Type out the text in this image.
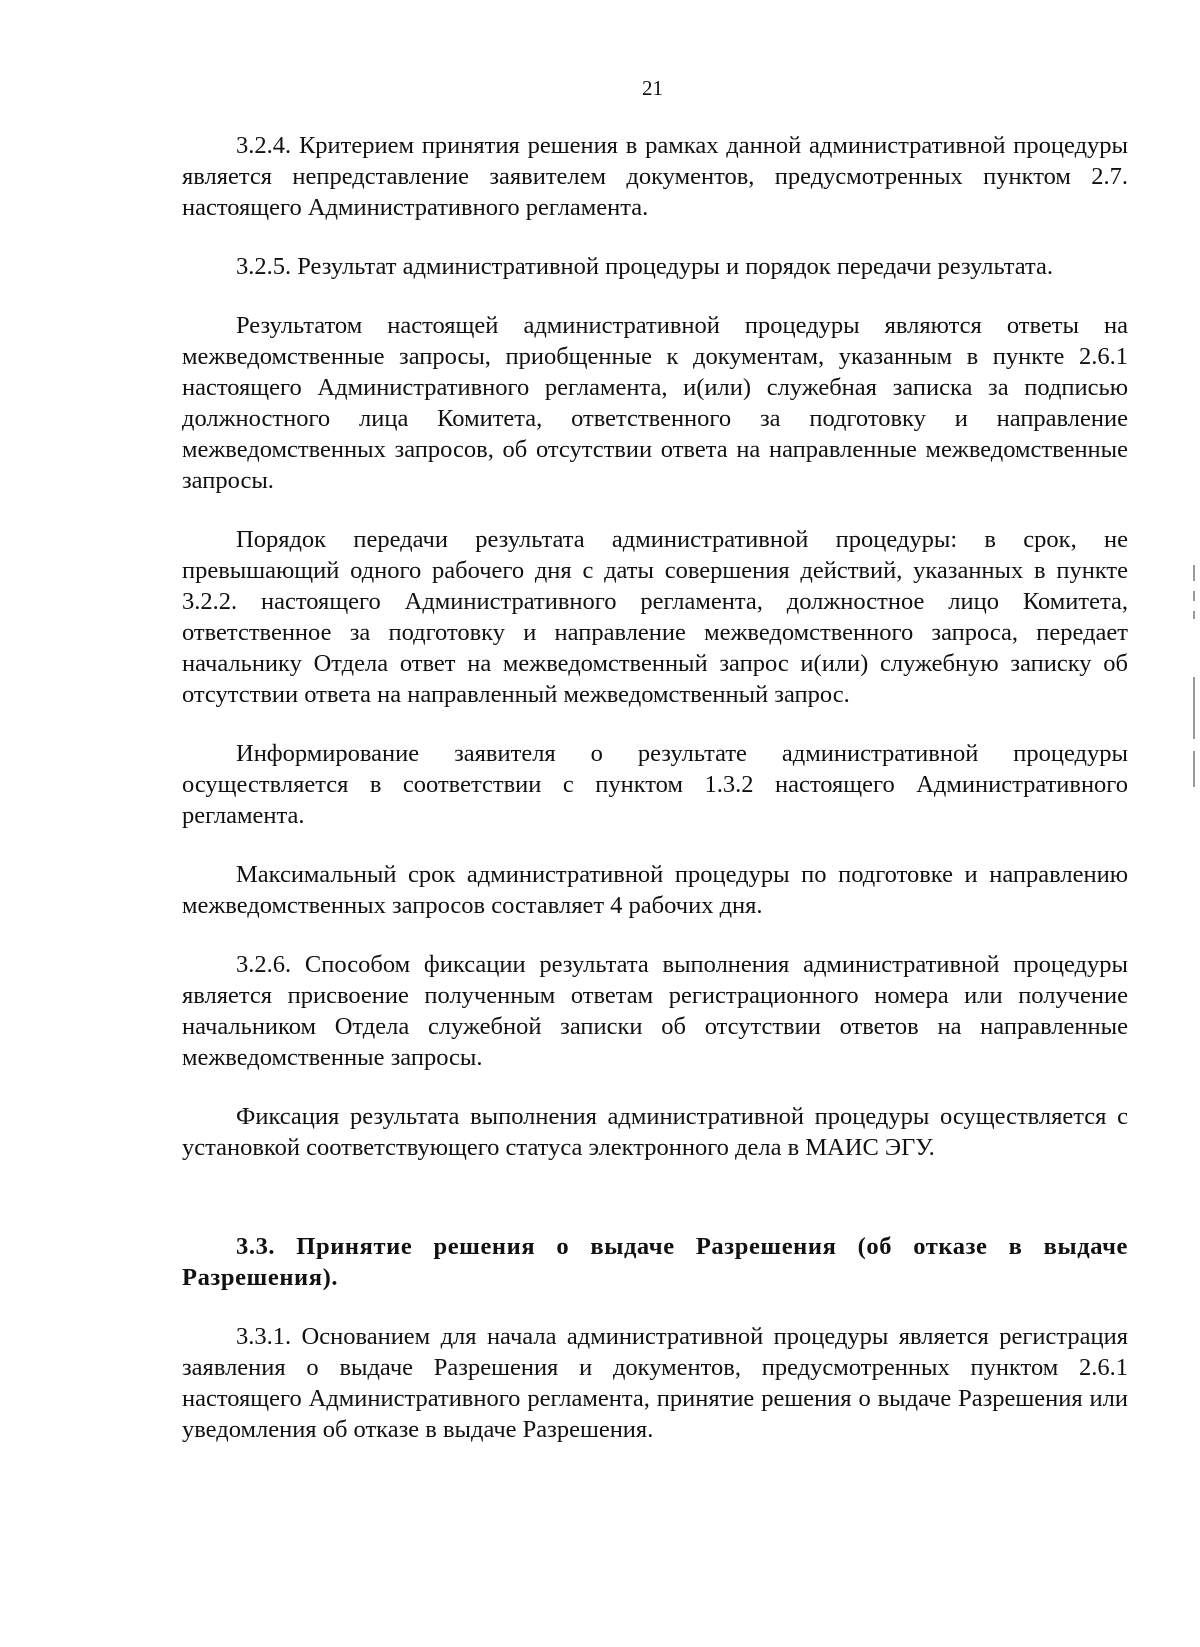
21

3.2.4. Критерием принятия решения в рамках данной административной процедуры является непредставление заявителем документов, предусмотренных пунктом 2.7. настоящего Административного регламента.

3.2.5. Результат административной процедуры и порядок передачи результата.

Результатом настоящей административной процедуры являются ответы на межведомственные запросы, приобщенные к документам, указанным в пункте 2.6.1 настоящего Административного регламента, и(или) служебная записка за подписью должностного лица Комитета, ответственного за подготовку и направление межведомственных запросов, об отсутствии ответа на направленные межведомственные запросы.

Порядок передачи результата административной процедуры: в срок, не превышающий одного рабочего дня с даты совершения действий, указанных в пункте 3.2.2. настоящего Административного регламента, должностное лицо Комитета, ответственное за подготовку и направление межведомственного запроса, передает начальнику Отдела ответ на межведомственный запрос и(или) служебную записку об отсутствии ответа на направленный межведомственный запрос.

Информирование заявителя о результате административной процедуры осуществляется в соответствии с пунктом 1.3.2 настоящего Административного регламента.

Максимальный срок административной процедуры по подготовке и направлению межведомственных запросов составляет 4 рабочих дня.

3.2.6. Способом фиксации результата выполнения административной процедуры является присвоение полученным ответам регистрационного номера или получение начальником Отдела служебной записки об отсутствии ответов на направленные межведомственные запросы.

Фиксация результата выполнения административной процедуры осуществляется с установкой соответствующего статуса электронного дела в МАИС ЭГУ.

3.3. Принятие решения о выдаче Разрешения (об отказе в выдаче Разрешения).

3.3.1. Основанием для начала административной процедуры является регистрация заявления о выдаче Разрешения и документов, предусмотренных пунктом 2.6.1 настоящего Административного регламента, принятие решения о выдаче Разрешения или уведомления об отказе в выдаче Разрешения.
